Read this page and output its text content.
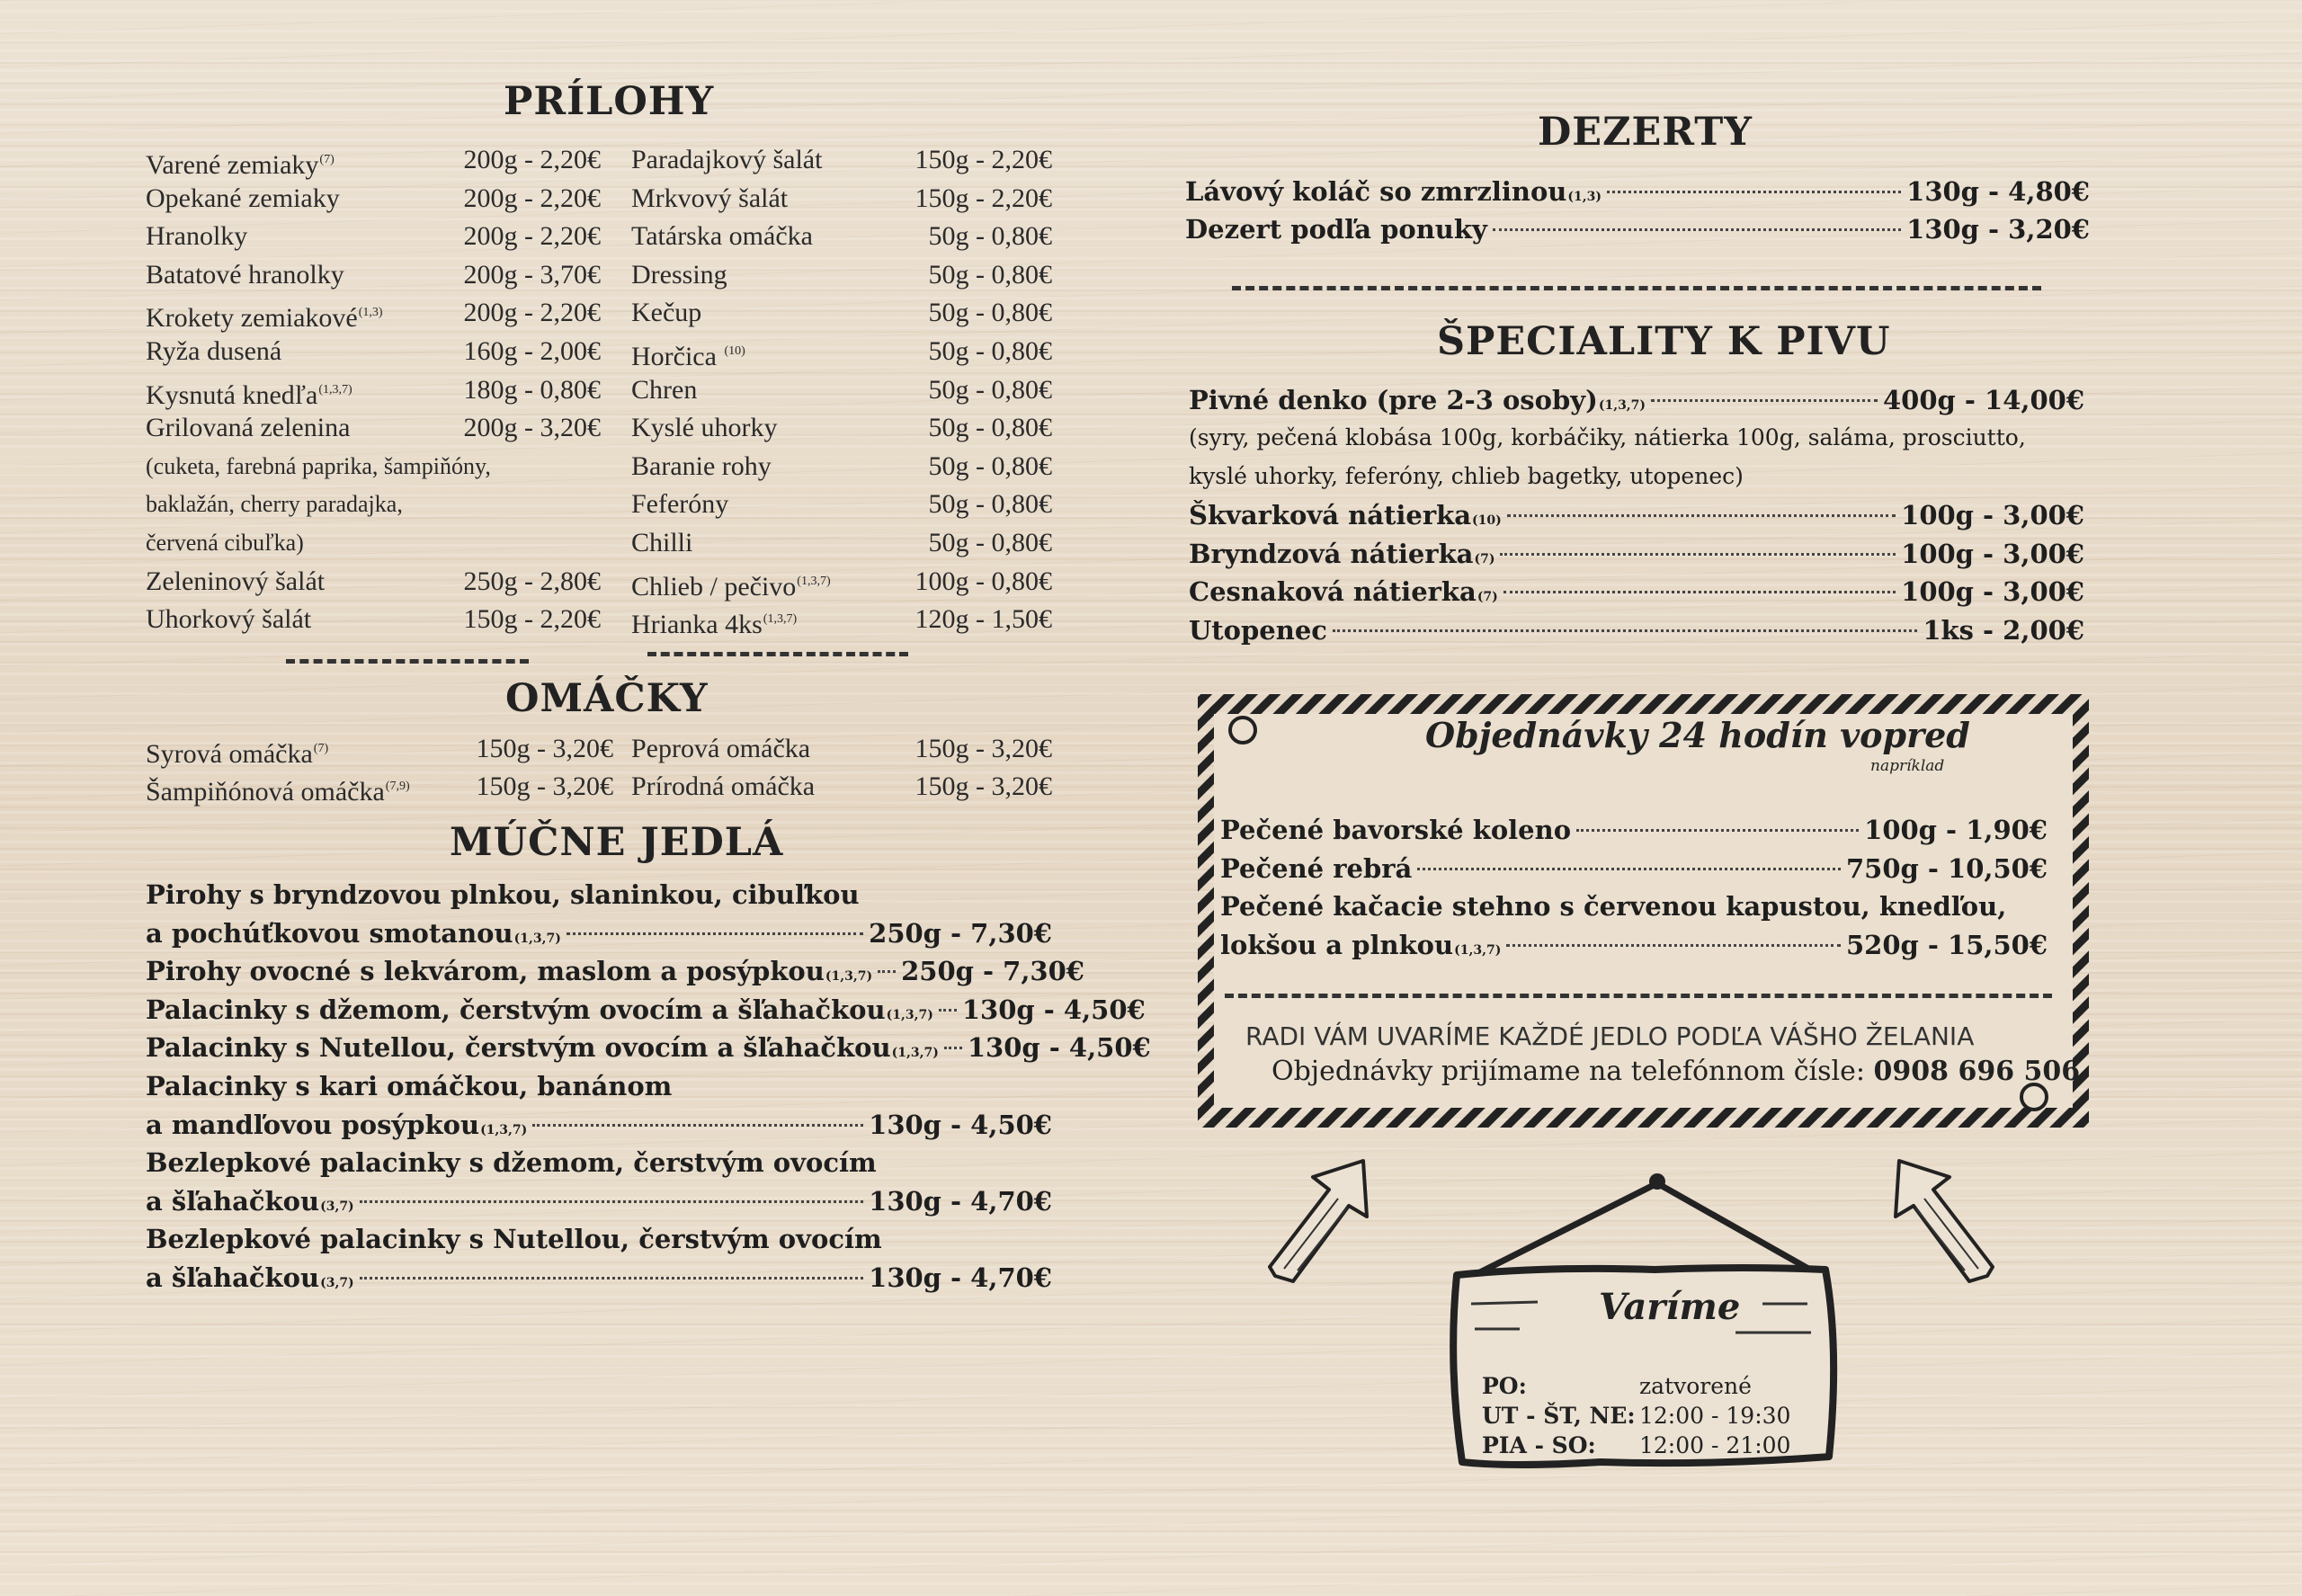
PRÍLOHY
Varené zemiaky$^{(7)}$	200g - 2,20€
Opekané zemiaky	200g - 2,20€
Hranolky	200g - 2,20€
Batatové hranolky	200g - 3,70€
Krokety zemiakové$^{(1,3)}$	200g - 2,20€
Ryža dusená	160g - 2,00€
Kysnutá knedľa$^{(1,3,7)}$	180g - 0,80€
Grilovaná zelenina	200g - 3,20€
(cuketa, farebná paprika, šampiňóny,
baklažán, cherry paradajka,
červená cibuľka)
Zeleninový šalát	250g - 2,80€
Uhorkový šalát	150g - 2,20€
Paradajkový šalát	150g - 2,20€
Mrkvový šalát	150g - 2,20€
Tatárska omáčka	50g - 0,80€
Dressing	50g - 0,80€
Kečup	50g - 0,80€
Horčica $^{(10)}$	50g - 0,80€
Chren	50g - 0,80€
Kyslé uhorky	50g - 0,80€
Baranie rohy	50g - 0,80€
Feferóny	50g - 0,80€
Chilli	50g - 0,80€
Chlieb / pečivo$^{(1,3,7)}$	100g - 0,80€
Hrianka 4ks$^{(1,3,7)}$	120g - 1,50€
OMÁČKY
Syrová omáčka$^{(7)}$	150g - 3,20€ Peprová omáčka	150g - 3,20€
Šampiňónová omáčka$^{(7,9)}$ 150g - 3,20€ Prírodná omáčka	150g - 3,20€
MÚČNE JEDLÁ
Pirohy s bryndzovou plnkou, slaninkou, cibuľkou
a pochúťkovou smotanou$_{(1,3,7)}$	250g - 7,30€
Pirohy ovocné s lekvárom, maslom a posýpkou$_{(1,3,7)}$ 250g - 7,30€
Palacinky s džemom, čerstvým ovocím a šľahačkou$_{(1,3,7)}$ 130g - 4,50€
Palacinky s Nutellou, čerstvým ovocím a šľahačkou$_{(1,3,7)}$ 130g - 4,50€
Palacinky s kari omáčkou, banánom
a mandľovou posýpkou$_{(1,3,7)}$	130g - 4,50€
Bezlepkové palacinky s džemom, čerstvým ovocím
a šľahačkou$_{(3,7)}$	130g - 4,70€
Bezlepkové palacinky s Nutellou, čerstvým ovocím
a šľahačkou$_{(3,7)}$	130g - 4,70€
DEZERTY
Lávový koláč so zmrzlinou$_{(1,3)}$	130g - 4,80€
Dezert podľa ponuky	130g - 3,20€
ŠPECIALITY K PIVU
Pivné denko (pre 2-3 $osoby)_{(1,3,7)}$	400g - 14,00€
(syry, pečená klobása 100g, korbáčiky, nátierka 100g, saláma, prosciutto,
kyslé uhorky, feferóny, chlieb bagetky, utopenec)
Škvarková nátierka $_{(10)}$	100g - 3,00€
Bryndzová nátierka $_{(7)}$	100g - 3,00€
Cesnaková nátierka $_{(7)}$	100g - 3,00€
Utopenec	1ks - 2,00€
Objednávky 24 hodín vopred
napríklad
Pečené bavorské koleno	100g - 1,90€
Pečené rebrá	750g - 10,50€
Pečené kačacie stehno s červenou kapustou, knedľou,
lokšou a plnkou$_{(1,3,7)}$	520g - 15,50€
RADI VÁM UVARÍME KAŽDÉ JEDLO PODĽA VÁŠHO ŽELANIA
Objednávky prijímame na telefónnom čísle: 0908 696 506
Varíme
PO:	zatvorené
UT - ŠT, NE: 12:00 - 19:30
PIA - SO: 12:00 - 21:00
